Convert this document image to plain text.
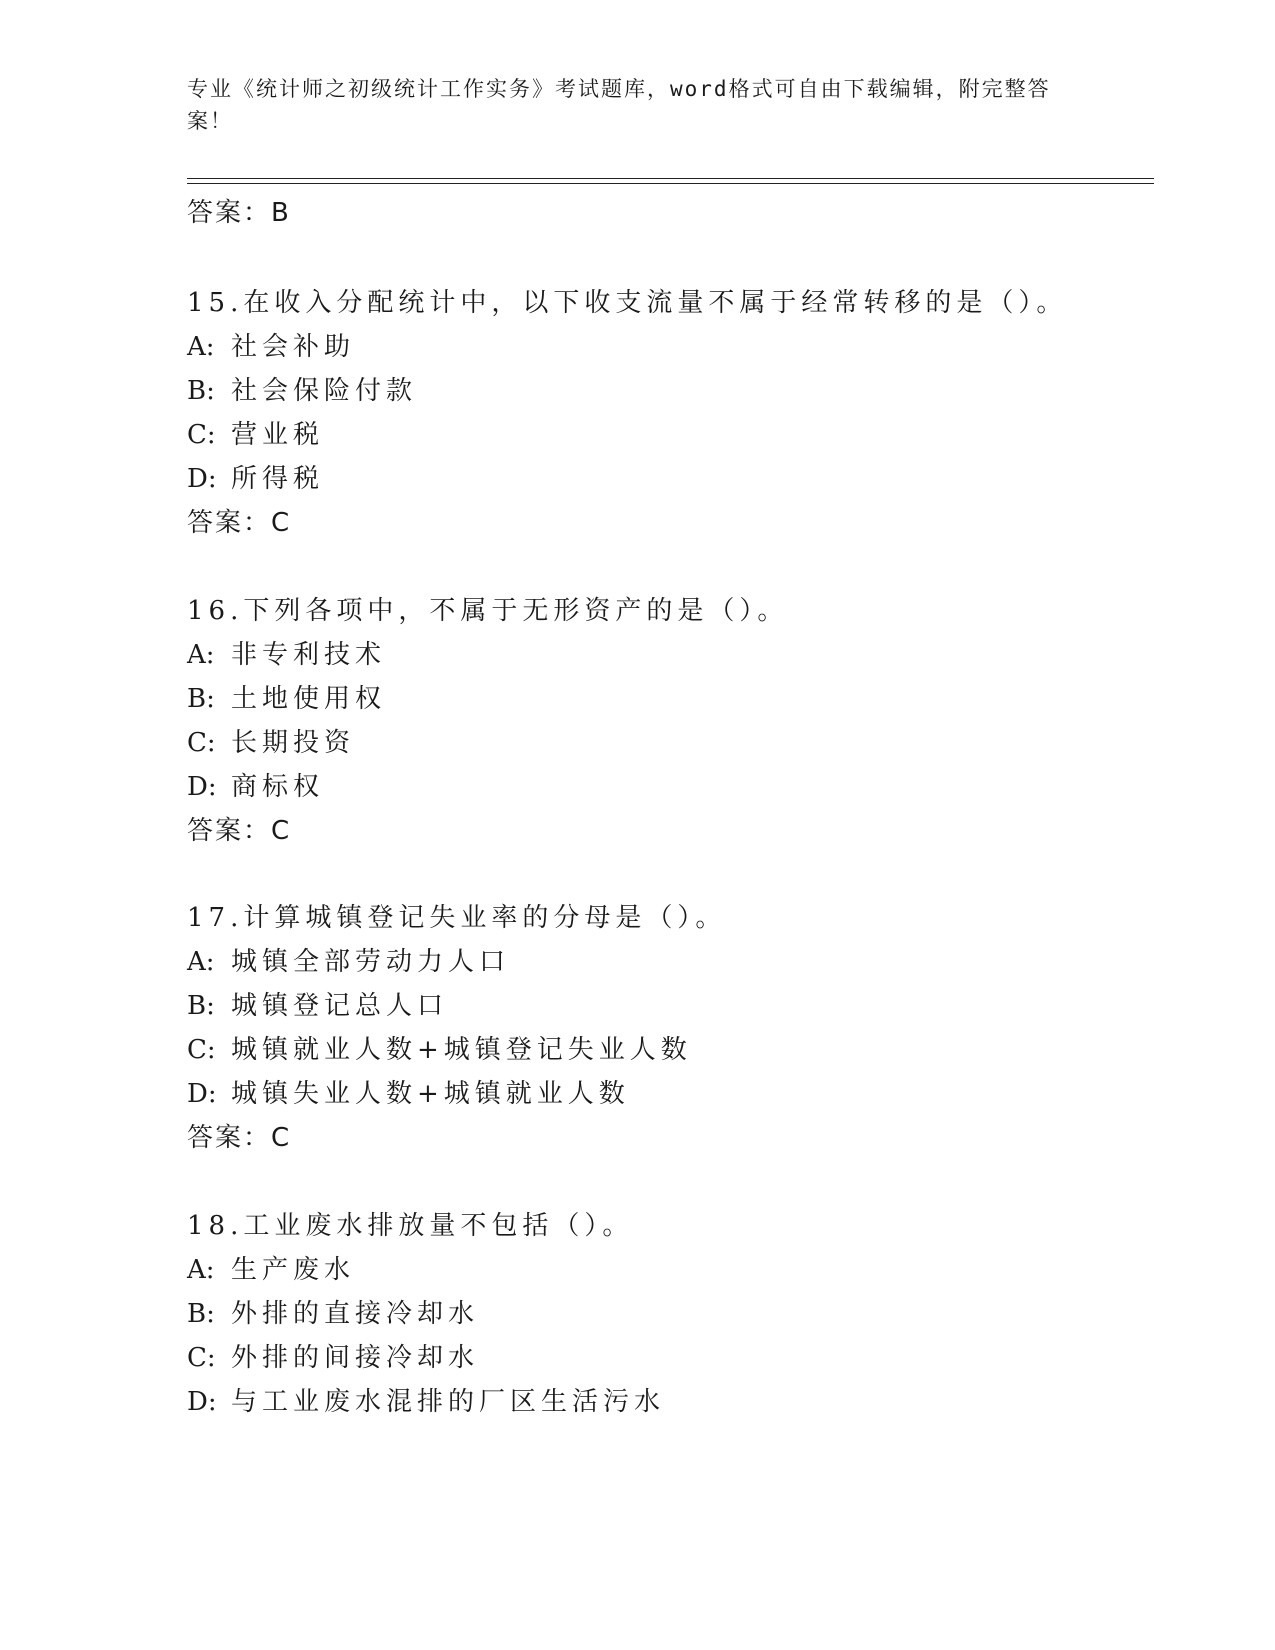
专业《统计师之初级统计工作实务》考试题库，word格式可自由下载编辑，附完整答案！
答案：B
15.在收入分配统计中，以下收支流量不属于经常转移的是（）。
A: 社会补助
B: 社会保险付款
C: 营业税
D: 所得税
答案：C
16.下列各项中，不属于无形资产的是（）。
A: 非专利技术
B: 土地使用权
C: 长期投资
D: 商标权
答案：C
17.计算城镇登记失业率的分母是（）。
A: 城镇全部劳动力人口
B: 城镇登记总人口
C: 城镇就业人数+城镇登记失业人数
D: 城镇失业人数+城镇就业人数
答案：C
18.工业废水排放量不包括（）。
A: 生产废水
B: 外排的直接冷却水
C: 外排的间接冷却水
D: 与工业废水混排的厂区生活污水
